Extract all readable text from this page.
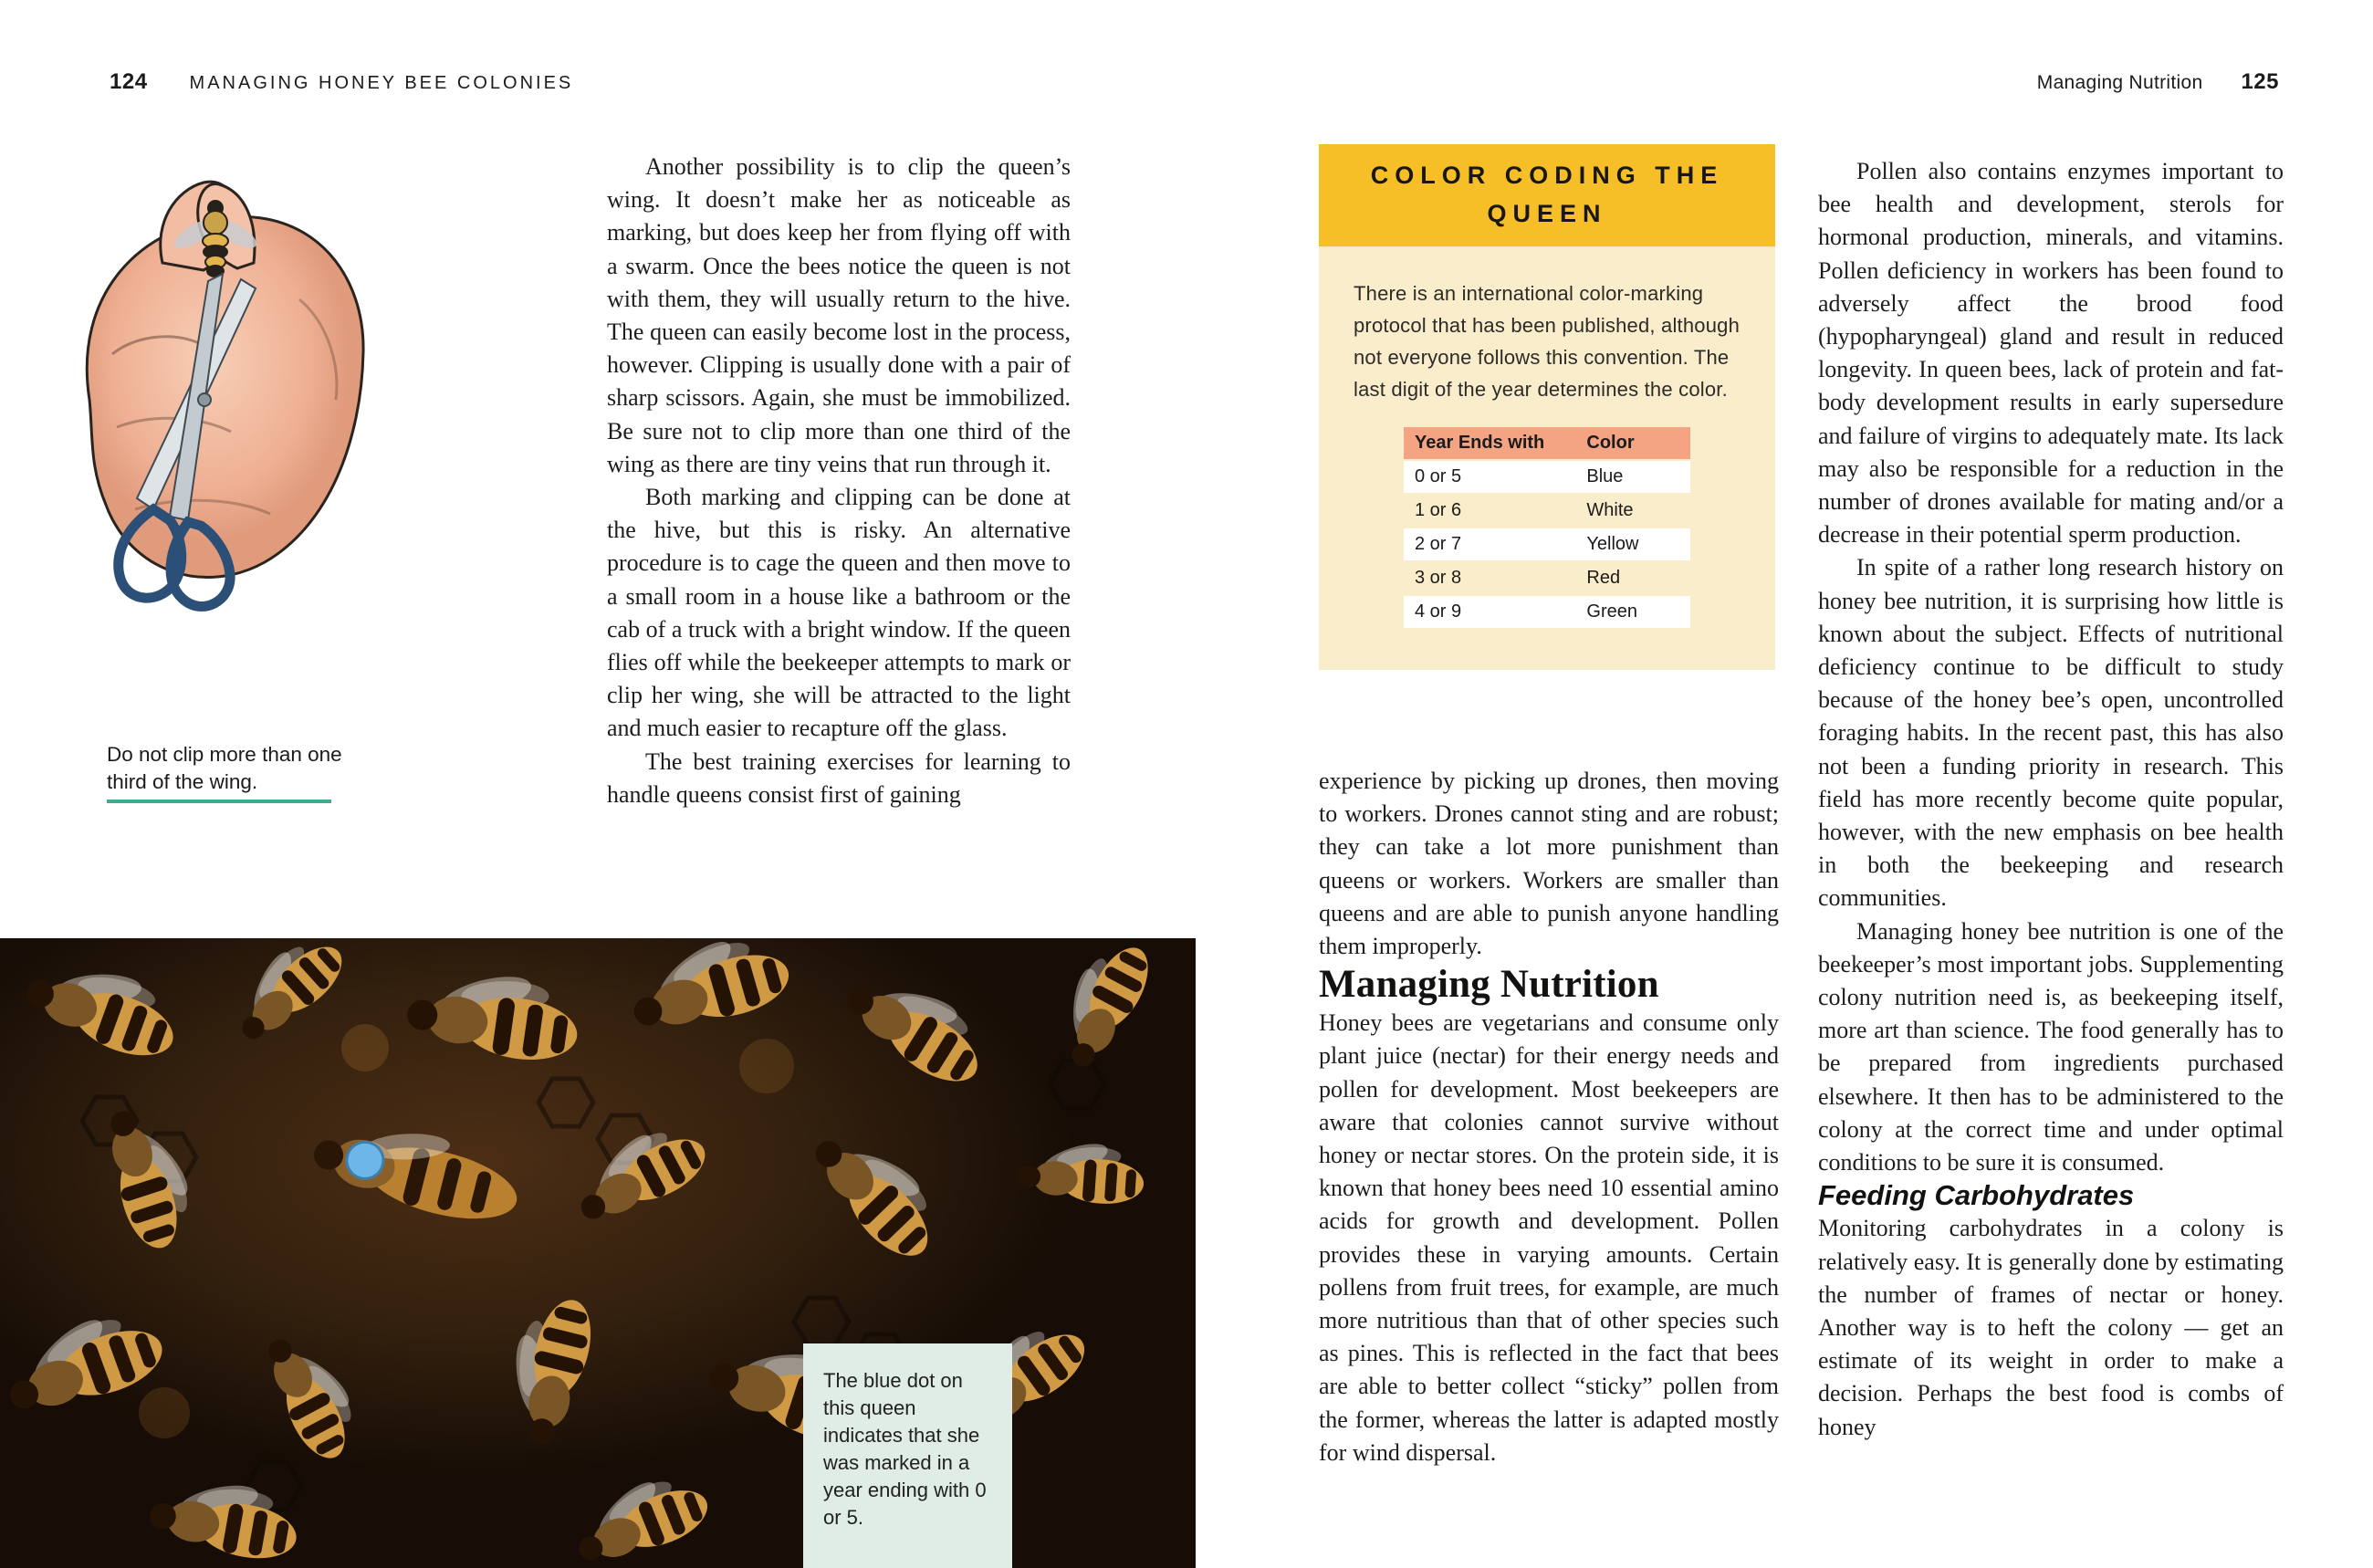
124 MANAGING HONEY BEE COLONIES	Managing Nutrition 125
Do not clip more than one third of the wing.

Another possibility is to clip the queen’s wing. It doesn’t make her as noticeable as marking, but does keep her from flying off with a swarm. Once the bees notice the queen is not with them, they will usually return to the hive. The queen can easily become lost in the process, however. Clipping is usually done with a pair of sharp scissors. Again, she must be immobilized. Be sure not to clip more than one third of the wing as there are tiny veins that run through it.

Both marking and clipping can be done at the hive, but this is risky. An alternative procedure is to cage the queen and then move to a small room in a house like a bathroom or the cab of a truck with a bright window. If the queen flies off while the beekeeper attempts to mark or clip her wing, she will be attracted to the light and much easier to recapture off the glass.

The best training exercises for learning to handle queens consist first of gaining

The blue dot on this queen indicates that she was marked in a year ending with 0 or 5.
COLOR CODING THE QUEEN
There is an international color-marking protocol that has been published, although not everyone follows this convention. The last digit of the year determines the color.
Year Ends with	Color
0 or 5	Blue
1 or 6	White
2 or 7	Yellow
3 or 8	Red
4 or 9	Green

experience by picking up drones, then moving to workers. Drones cannot sting and are robust; they can take a lot more punishment than queens or workers. Workers are smaller than queens and are able to punish anyone handling them improperly.

Managing Nutrition

Honey bees are vegetarians and consume only plant juice (nectar) for their energy needs and pollen for development. Most beekeepers are aware that colonies cannot survive without honey or nectar stores. On the protein side, it is known that honey bees need 10 essential amino acids for growth and development. Pollen provides these in varying amounts. Certain pollens from fruit trees, for example, are much more nutritious than that of other species such as pines. This is reflected in the fact that bees are able to better collect “sticky” pollen from the former, whereas the latter is adapted mostly for wind dispersal.

Pollen also contains enzymes important to bee health and development, sterols for hormonal production, minerals, and vitamins. Pollen deficiency in workers has been found to adversely affect the brood food (hypopharyngeal) gland and result in reduced longevity. In queen bees, lack of protein and fat-body development results in early supersedure and failure of virgins to adequately mate. Its lack may also be responsible for a reduction in the number of drones available for mating and/or a decrease in their potential sperm production.

In spite of a rather long research history on honey bee nutrition, it is surprising how little is known about the subject. Effects of nutritional deficiency continue to be difficult to study because of the honey bee’s open, uncontrolled foraging habits. In the recent past, this has also not been a funding priority in research. This field has more recently become quite popular, however, with the new emphasis on bee health in both the beekeeping and research communities.

Managing honey bee nutrition is one of the beekeeper’s most important jobs. Supplementing colony nutrition need is, as beekeeping itself, more art than science. The food generally has to be prepared from ingredients purchased elsewhere. It then has to be administered to the colony at the correct time and under optimal conditions to be sure it is consumed.

Feeding Carbohydrates

Monitoring carbohydrates in a colony is relatively easy. It is generally done by estimating the number of frames of nectar or honey. Another way is to heft the colony — get an estimate of its weight in order to make a decision. Perhaps the best food is combs of honey
